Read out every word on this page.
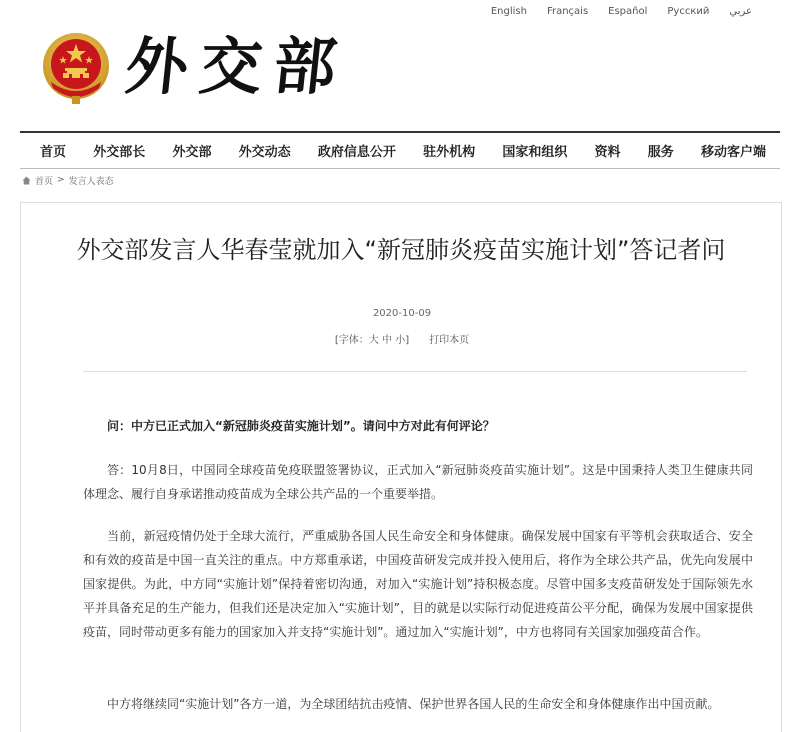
English Français Español Русский عربي
外交部
首页 外交部长 外交部 外交动态 政府信息公开 驻外机构 国家和组织 资料 服务 移动客户端
首页 > 发言人表态
外交部发言人华春莹就加入“新冠肺炎疫苗实施计划”答记者问
2020-10-09
[字体：大 中 小] 打印本页
问：中方已正式加入“新冠肺炎疫苗实施计划”。请问中方对此有何评论？
答：10月8日，中国同全球疫苗免疫联盟签署协议，正式加入“新冠肺炎疫苗实施计划”。这是中国秉持人类卫生健康共同体理念、履行自身承诺推动疫苗成为全球公共产品的一个重要举措。
当前，新冠疫情仍处于全球大流行，严重威胁各国人民生命安全和身体健康。确保发展中国家有平等机会获取适合、安全和有效的疫苗是中国一直关注的重点。中方郑重承诺，中国疫苗研发完成并投入使用后，将作为全球公共产品，优先向发展中国家提供。为此，中方同“实施计划”保持着密切沟通，对加入“实施计划”持积极态度。尽管中国多支疫苗研发处于国际领先水平并具备充足的生产能力，但我们还是决定加入“实施计划”，目的就是以实际行动促进疫苗公平分配，确保为发展中国家提供疫苗，同时带动更多有能力的国家加入并支持“实施计划”。通过加入“实施计划”，中方也将同有关国家加强疫苗合作。
中方将继续同“实施计划”各方一道，为全球团结抗击疫情、保护世界各国人民的生命安全和身体健康作出中国贡献。
